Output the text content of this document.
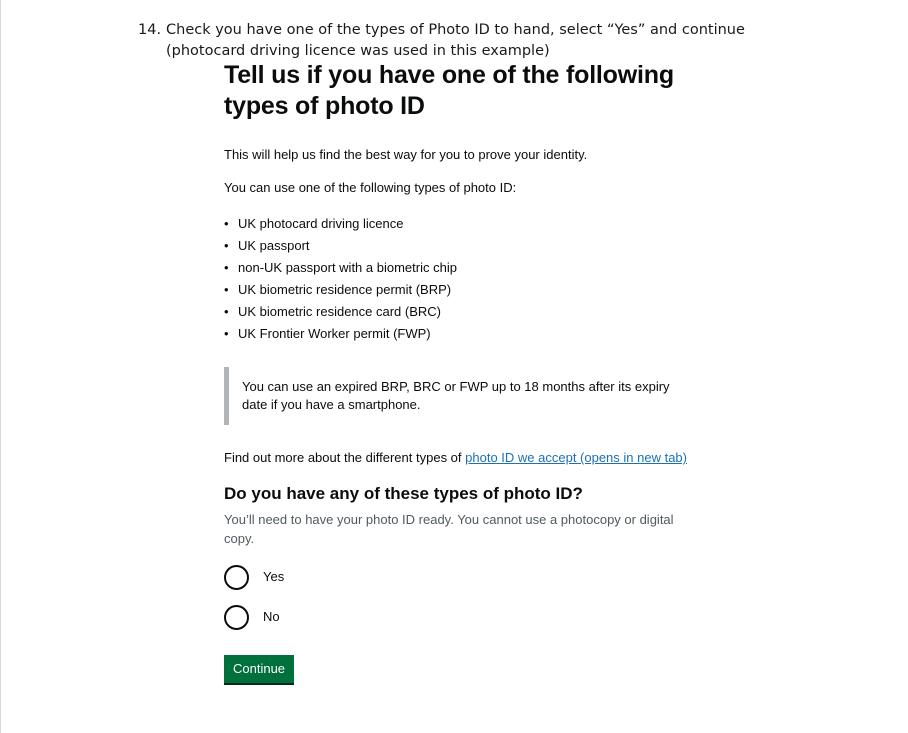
14. Check you have one of the types of Photo ID to hand, select “Yes” and continue (photocard driving licence was used in this example)
Tell us if you have one of the following types of photo ID

This will help us find the best way for you to prove your identity.

You can use one of the following types of photo ID:

• UK photocard driving licence
• UK passport
• non-UK passport with a biometric chip
• UK biometric residence permit (BRP)
• UK biometric residence card (BRC)
• UK Frontier Worker permit (FWP)

You can use an expired BRP, BRC or FWP up to 18 months after its expiry date if you have a smartphone.

Find out more about the different types of photo ID we accept (opens in new tab)

Do you have any of these types of photo ID?
You’ll need to have your photo ID ready. You cannot use a photocopy or digital copy.
Yes
No
Continue
